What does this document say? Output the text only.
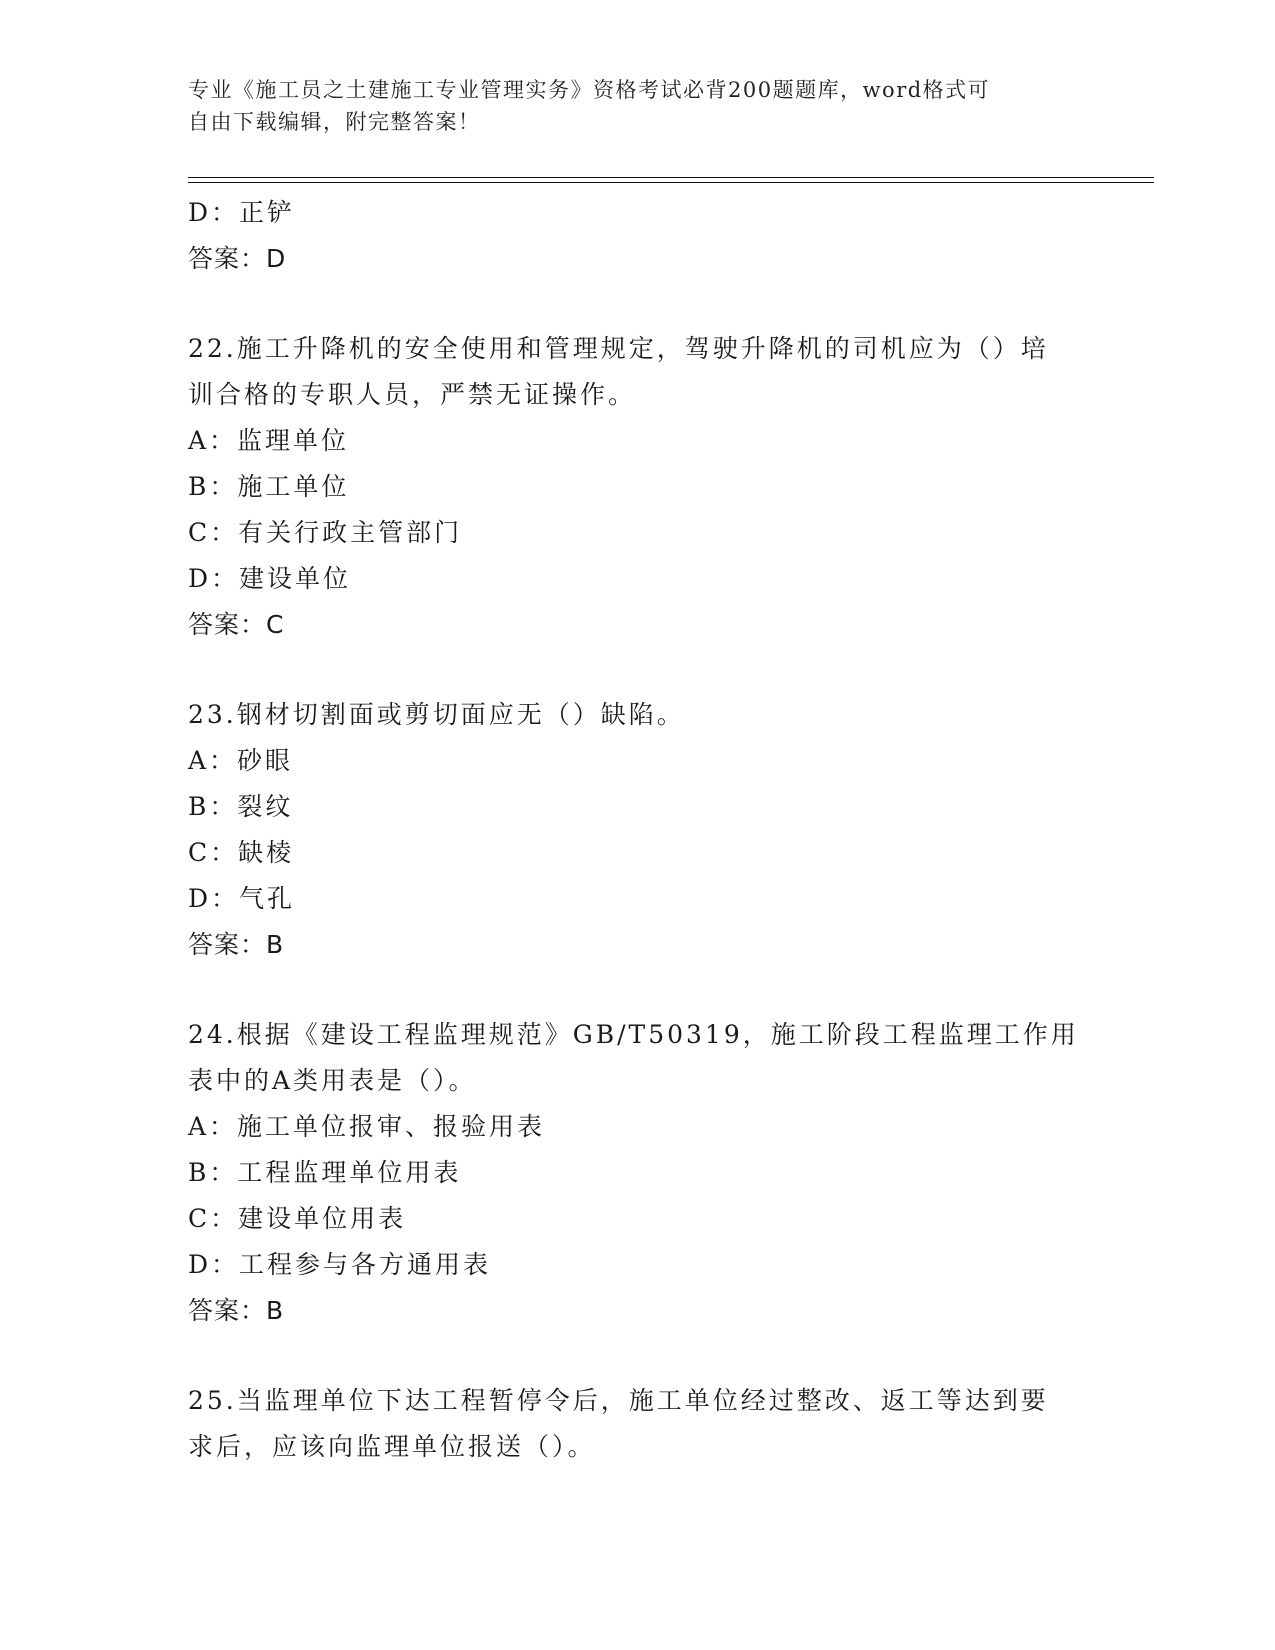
专业《施工员之土建施工专业管理实务》资格考试必背200题题库，word格式可
自由下载编辑，附完整答案！
D：正铲
答案：D
22.施工升降机的安全使用和管理规定，驾驶升降机的司机应为（）培
训合格的专职人员，严禁无证操作。
A：监理单位
B：施工单位
C：有关行政主管部门
D：建设单位
答案：C
23.钢材切割面或剪切面应无（）缺陷。
A：砂眼
B：裂纹
C：缺棱
D：气孔
答案：B
24.根据《建设工程监理规范》GB/T50319，施工阶段工程监理工作用
表中的A类用表是（）。
A：施工单位报审、报验用表
B：工程监理单位用表
C：建设单位用表
D：工程参与各方通用表
答案：B
25.当监理单位下达工程暂停令后，施工单位经过整改、返工等达到要
求后，应该向监理单位报送（）。
